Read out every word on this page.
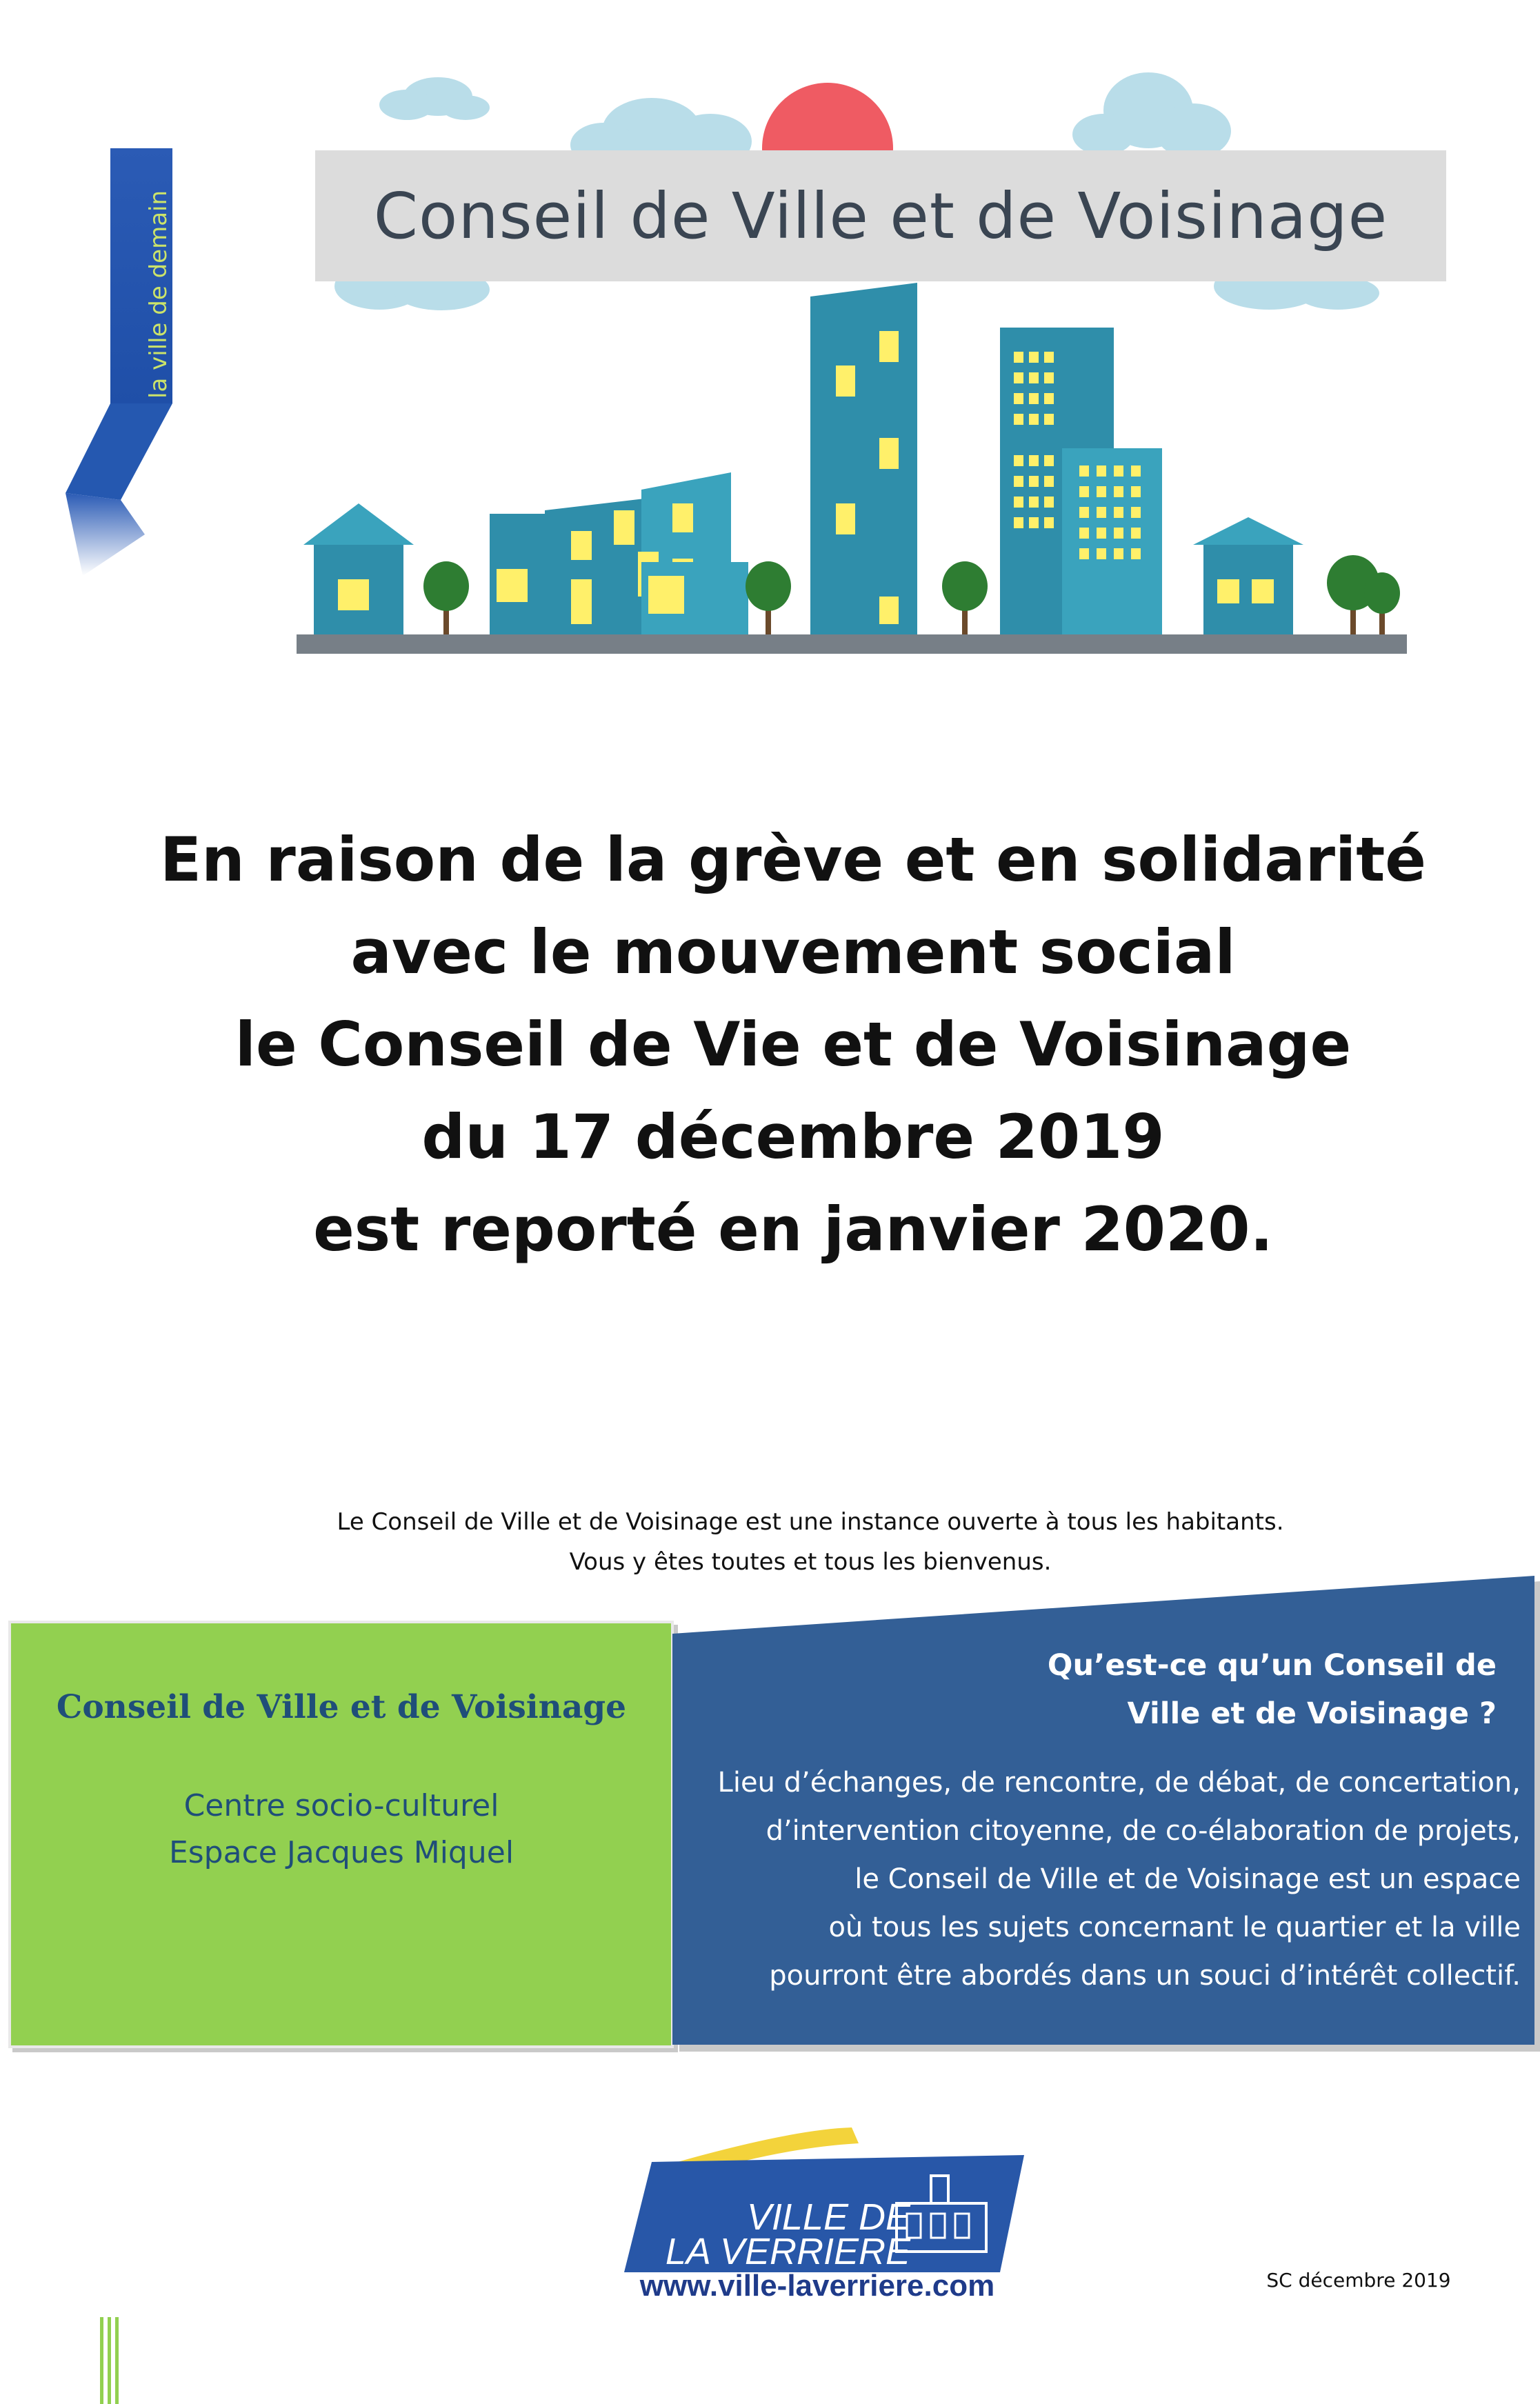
Conseil de Ville et de Voisinage
la ville de demain
C'EST VOUS
En raison de la grève et en solidarité
avec le mouvement social
le Conseil de Vie et de Voisinage
du 17 décembre 2019
est reporté en janvier 2020.
Le Conseil de Ville et de Voisinage est une instance ouverte à tous les habitants.
Vous y êtes toutes et tous les bienvenus.
Conseil de Ville et de Voisinage
Centre socio-culturel
Espace Jacques Miquel
Qu’est-ce qu’un Conseil de
Ville et de Voisinage ?
Lieu d’échanges, de rencontre, de débat, de concertation,
d’intervention citoyenne, de co-élaboration de projets,
le Conseil de Ville et de Voisinage est un espace
où tous les sujets concernant le quartier et la ville
pourront être abordés dans un souci d’intérêt collectif.
VILLE DE
LA VERRIERE
www.ville-laverriere.com	SC décembre 2019
